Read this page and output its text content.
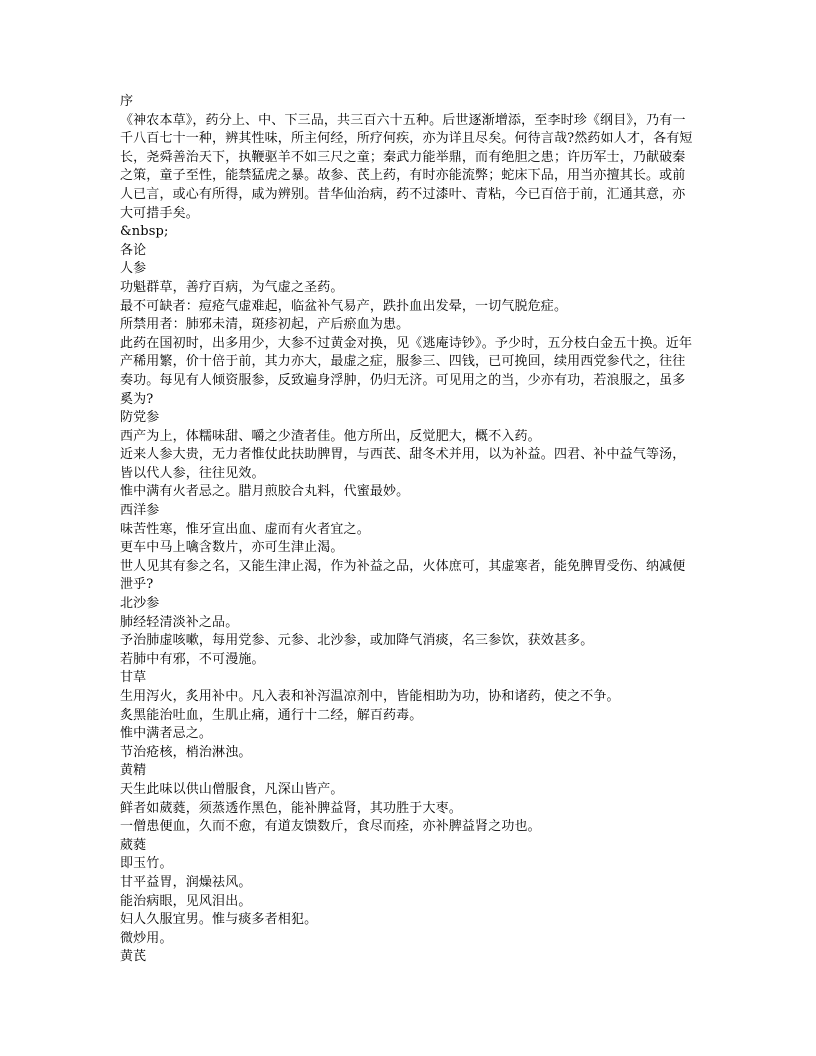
序

《神农本草》，药分上、中、下三品，共三百六十五种。后世逐渐增添，至李时珍《纲目》，乃有一千八百七十一种，辨其性味，所主何经，所疗何疾，亦为详且尽矣。何待言哉?然药如人才，各有短长，尧舜善治天下，执鞭驱羊不如三尺之童；秦武力能举鼎，而有绝胆之患；许历军士，乃献破秦之策，童子至性，能禁猛虎之暴。故参、芪上药，有时亦能流弊；蛇床下品，用当亦擅其长。或前人已言，或心有所得，咸为辨别。昔华仙治病，药不过漆叶、青粘，今已百倍于前，汇通其意，亦大可措手矣。

&nbsp;

各论

人参

功魁群草，善疗百病，为气虚之圣药。

最不可缺者：痘疮气虚难起，临盆补气易产，跌扑血出发晕，一切气脱危症。

所禁用者：肺邪未清，斑疹初起，产后瘀血为患。

此药在国初时，出多用少，大参不过黄金对换，见《逃庵诗钞》。予少时，五分枝白金五十换。近年产稀用繁，价十倍于前，其力亦大，最虚之症，服参三、四钱，已可挽回，续用西党参代之，往往奏功。每见有人倾资服参，反致遍身浮肿，仍归无济。可见用之的当，少亦有功，若浪服之，虽多奚为?

防党参

西产为上，体糯味甜、嚼之少渣者佳。他方所出，反觉肥大，概不入药。

近来人参大贵，无力者惟仗此扶助脾胃，与西芪、甜冬术并用，以为补益。四君、补中益气等汤，皆以代人参，往往见效。

惟中满有火者忌之。腊月煎胶合丸料，代蜜最妙。

西洋参

味苦性寒，惟牙宣出血、虚而有火者宜之。

更车中马上噙含数片，亦可生津止渴。

世人见其有参之名，又能生津止渴，作为补益之品，火体庶可，其虚寒者，能免脾胃受伤、纳减便泄乎?

北沙参

肺经轻清淡补之品。

予治肺虚咳嗽，每用党参、元参、北沙参，或加降气消痰，名三参饮，获效甚多。

若肺中有邪，不可漫施。

甘草

生用泻火，炙用补中。凡入表和补泻温凉剂中，皆能相助为功，协和诸药，使之不争。

炙黑能治吐血，生肌止痛，通行十二经，解百药毒。

惟中满者忌之。

节治疮核，梢治淋浊。

黄精

天生此味以供山僧服食，凡深山皆产。

鲜者如葳蕤，须蒸透作黑色，能补脾益肾，其功胜于大枣。

一僧患便血，久而不愈，有道友馈数斤，食尽而痊，亦补脾益肾之功也。

葳蕤

即玉竹。

甘平益胃，润燥祛风。

能治病眼，见风泪出。

妇人久服宜男。惟与痰多者相犯。

微炒用。

黄芪
